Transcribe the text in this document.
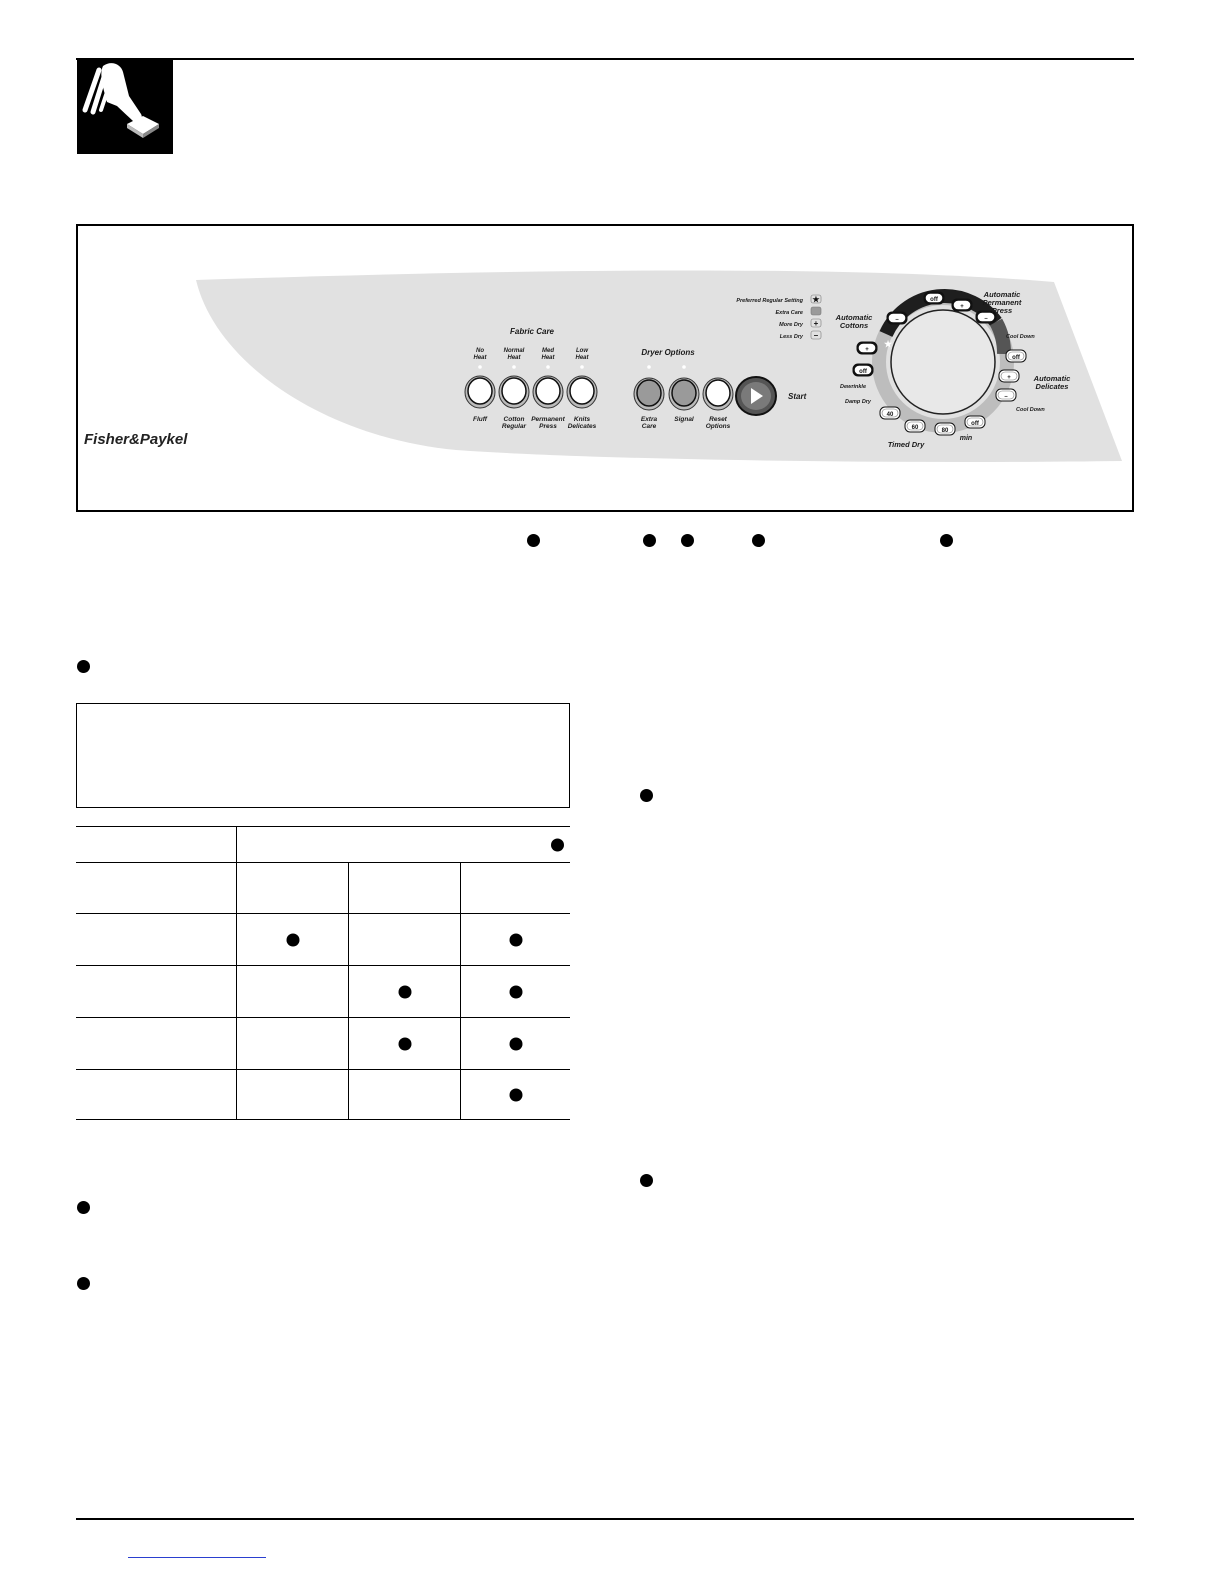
Fisher&Paykel
Fabric Care
No Heat
Fluff
Normal Heat
Cotton Regular
Med Heat
Permanent Press
Low Heat
Knits Delicates
Dryer Options
Extra Care
Signal	Reset Options
Start
Preferred Regular Setting ★
Extra Care
More Dry +
Less Dry –
off
+
–
–
+
off
off
+
–
40
60	80
off
★
Automatic Cottons
Automatic Permanent Press
Automatic Delicates
Cool Down
Cool Down
Dewrinkle
Damp Dry
Timed Dry
min
